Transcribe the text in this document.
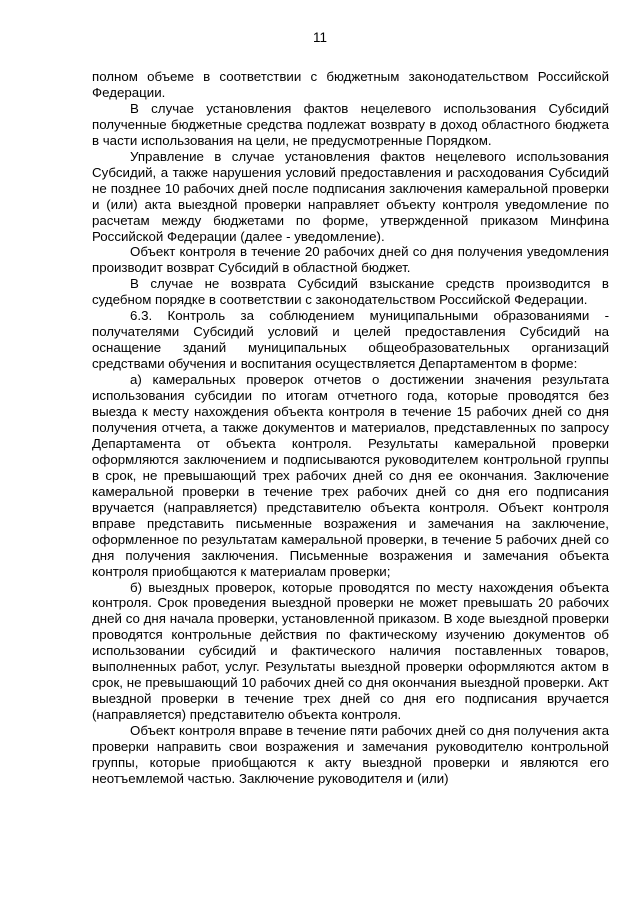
11

полном объеме в соответствии с бюджетным законодательством Российской Федерации.

В случае установления фактов нецелевого использования Субсидий полученные бюджетные средства подлежат возврату в доход областного бюджета в части использования на цели, не предусмотренные Порядком.

Управление в случае установления фактов нецелевого использования Субсидий, а также нарушения условий предоставления и расходования Субсидий не позднее 10 рабочих дней после подписания заключения камеральной проверки и (или) акта выездной проверки направляет объекту контроля уведомление по расчетам между бюджетами по форме, утвержденной приказом Минфина Российской Федерации (далее - уведомление).

Объект контроля в течение 20 рабочих дней со дня получения уведомления производит возврат Субсидий в областной бюджет.

В случае не возврата Субсидий взыскание средств производится в судебном порядке в соответствии с законодательством Российской Федерации.

6.3. Контроль за соблюдением муниципальными образованиями - получателями Субсидий условий и целей предоставления Субсидий на оснащение зданий муниципальных общеобразовательных организаций средствами обучения и воспитания осуществляется Департаментом в форме:

а) камеральных проверок отчетов о достижении значения результата использования субсидии по итогам отчетного года, которые проводятся без выезда к месту нахождения объекта контроля в течение 15 рабочих дней со дня получения отчета, а также документов и материалов, представленных по запросу Департамента от объекта контроля. Результаты камеральной проверки оформляются заключением и подписываются руководителем контрольной группы в срок, не превышающий трех рабочих дней со дня ее окончания. Заключение камеральной проверки в течение трех рабочих дней со дня его подписания вручается (направляется) представителю объекта контроля. Объект контроля вправе представить письменные возражения и замечания на заключение, оформленное по результатам камеральной проверки, в течение 5 рабочих дней со дня получения заключения. Письменные возражения и замечания объекта контроля приобщаются к материалам проверки;

б) выездных проверок, которые проводятся по месту нахождения объекта контроля. Срок проведения выездной проверки не может превышать 20 рабочих дней со дня начала проверки, установленной приказом. В ходе выездной проверки проводятся контрольные действия по фактическому изучению документов об использовании субсидий и фактического наличия поставленных товаров, выполненных работ, услуг. Результаты выездной проверки оформляются актом в срок, не превышающий 10 рабочих дней со дня окончания выездной проверки. Акт выездной проверки в течение трех дней со дня его подписания вручается (направляется) представителю объекта контроля.

Объект контроля вправе в течение пяти рабочих дней со дня получения акта проверки направить свои возражения и замечания руководителю контрольной группы, которые приобщаются к акту выездной проверки и являются его неотъемлемой частью. Заключение руководителя и (или)
